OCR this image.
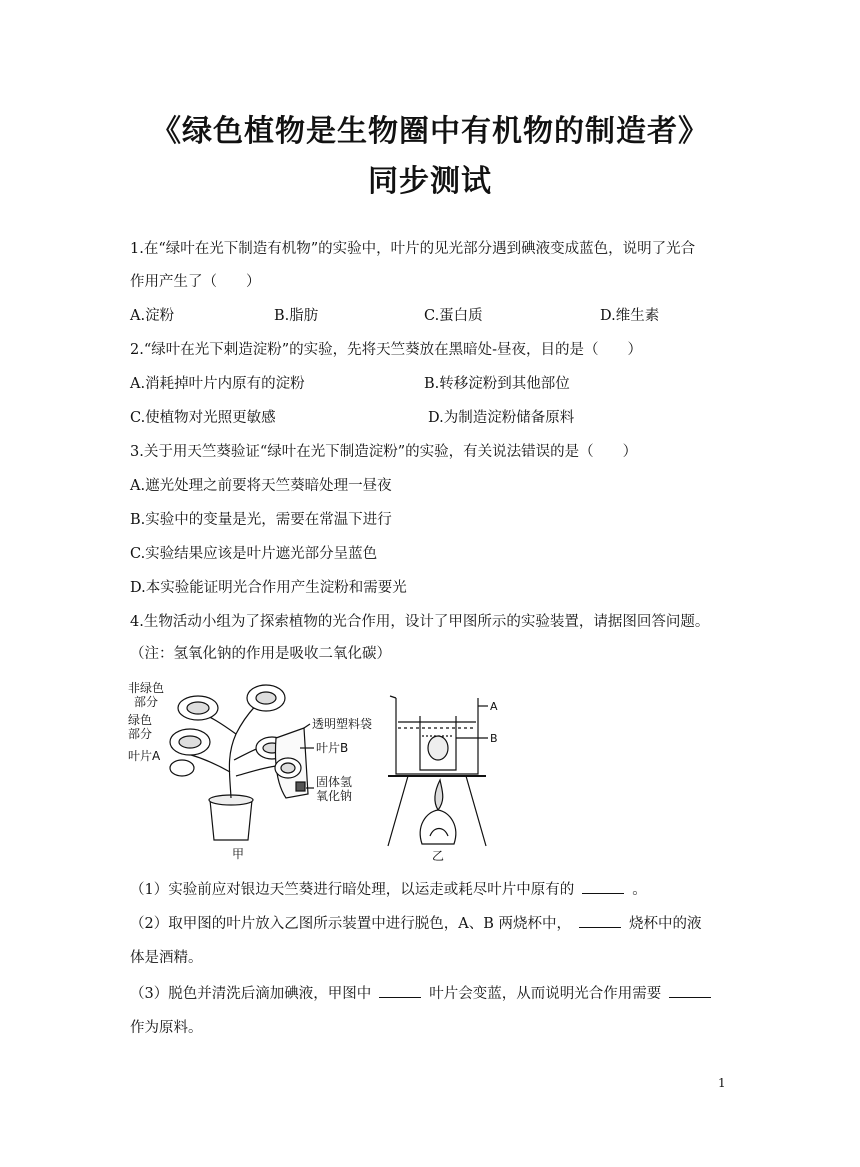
《绿色植物是生物圈中有机物的制造者》
同步测试
1.在“绿叶在光下制造有机物”的实验中，叶片的见光部分遇到碘液变成蓝色，说明了光合
作用产生了（　　）
A.淀粉	B.脂肪	C.蛋白质	D.维生素
2.“绿叶在光下剌造淀粉”的实验，先将天竺葵放在黑暗处-昼夜，目的是（　　）
A.消耗掉叶片内原有的淀粉	B.转移淀粉到其他部位
C.使植物对光照更敏感	D.为制造淀粉储备原料
3.关于用天竺葵验证“绿叶在光下制造淀粉”的实验，有关说法错误的是（　　）
A.遮光处理之前要将天竺葵暗处理一昼夜
B.实验中的变量是光，需要在常温下进行
C.实验结果应该是叶片遮光部分呈蓝色
D.本实验能证明光合作用产生淀粉和需要光
4.生物活动小组为了探索植物的光合作用，设计了甲图所示的实验装置，请据图回答问题。
（注：氢氧化钠的作用是吸收二氧化碳）
非绿色
部分
绿色
部分
叶片A
透明塑料袋
叶片B
固体氢
氧化钠
甲
A
B
乙
（1）实验前应对银边天竺葵进行暗处理，以运走或耗尽叶片中原有的	。
（2）取甲图的叶片放入乙图所示装置中进行脱色，A、B 两烧杯中，	烧杯中的液
体是酒精。
（3）脱色并清洗后滴加碘液，甲图中	叶片会变蓝，从而说明光合作用需要
作为原料。
1
